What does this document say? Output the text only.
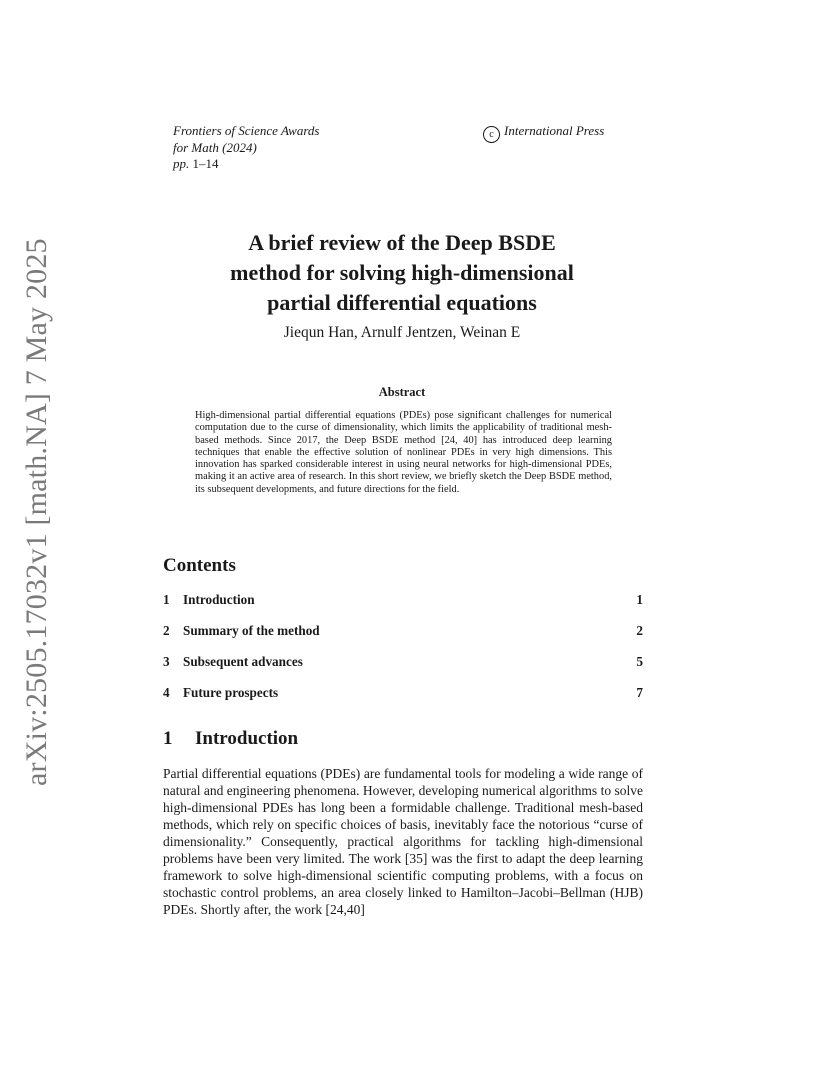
arXiv:2505.17032v1 [math.NA] 7 May 2025
Frontiers of Science Awards
for Math (2024)
pp. 1–14
c International Press
A brief review of the Deep BSDE
method for solving high-dimensional
partial differential equations
Jiequn Han, Arnulf Jentzen, Weinan E
Abstract
High-dimensional partial differential equations (PDEs) pose significant challenges for numerical computation due to the curse of dimensionality, which limits the applicability of traditional mesh-based methods. Since 2017, the Deep BSDE method [24, 40] has introduced deep learning techniques that enable the effective solution of nonlinear PDEs in very high dimensions. This innovation has sparked considerable interest in using neural networks for high-dimensional PDEs, making it an active area of research. In this short review, we briefly sketch the Deep BSDE method, its subsequent developments, and future directions for the field.
Contents
1 Introduction	1
2 Summary of the method	2
3 Subsequent advances	5
4 Future prospects	7
1 Introduction
Partial differential equations (PDEs) are fundamental tools for modeling a wide range of natural and engineering phenomena. However, developing numerical algorithms to solve high-dimensional PDEs has long been a formidable challenge. Traditional mesh-based methods, which rely on specific choices of basis, inevitably face the notorious “curse of dimensionality.” Consequently, practical algorithms for tackling high-dimensional problems have been very limited. The work [35] was the first to adapt the deep learning framework to solve high-dimensional scientific computing problems, with a focus on stochastic control problems, an area closely linked to Hamilton–Jacobi–Bellman (HJB) PDEs. Shortly after, the work [24,40]
